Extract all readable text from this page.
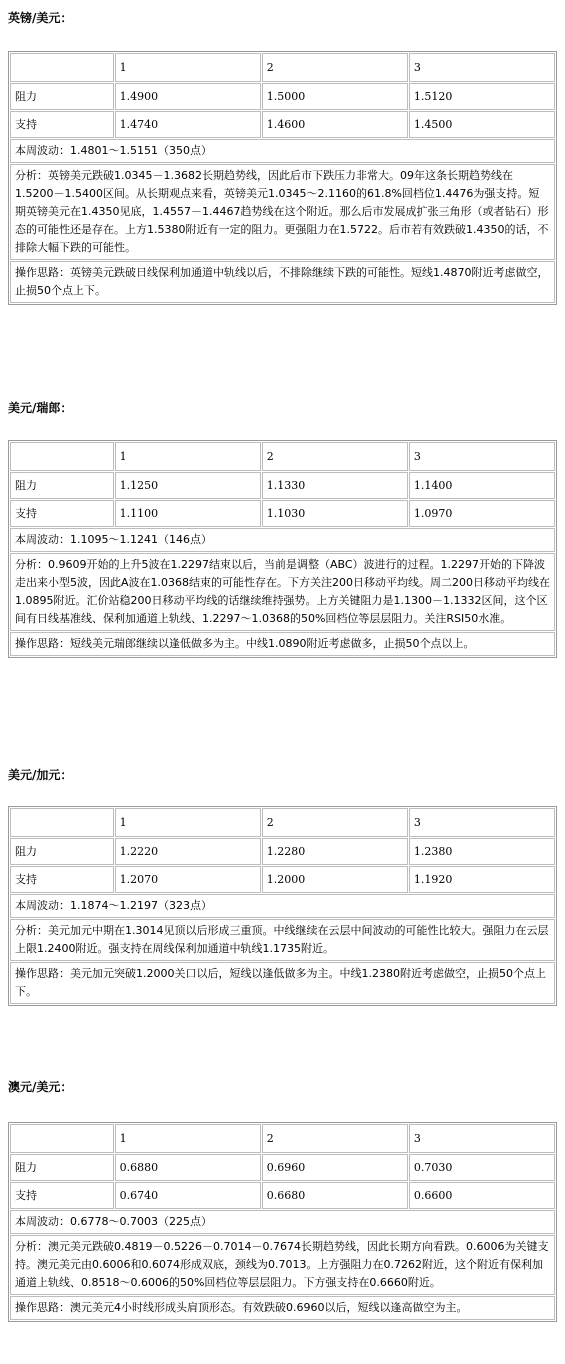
英镑/美元：
	1	2	3
阻力	1.4900	1.5000	1.5120
支持	1.4740	1.4600	1.4500
本周波动：1.4801～1.5151（350点）			
分析：英镑美元跌破1.0345－1.3682长期趋势线，因此后市下跌压力非常大。09年这条长期趋势线在1.5200－1.5400区间。从长期观点来看，英镑美元1.0345～2.1160的61.8%回档位1.4476为强支持。短期英镑美元在1.4350见底，1.4557－1.4467趋势线在这个附近。那么后市发展成扩张三角形（或者钻石）形态的可能性还是存在。上方1.5380附近有一定的阻力。更强阻力在1.5722。后市若有效跌破1.4350的话，不排除大幅下跌的可能性。			
操作思路：英镑美元跌破日线保利加通道中轨线以后，不排除继续下跌的可能性。短线1.4870附近考虑做空，止损50个点上下。			
美元/瑞郎：
	1	2	3
阻力	1.1250	1.1330	1.1400
支持	1.1100	1.1030	1.0970
本周波动：1.1095～1.1241（146点）			
分析：0.9609开始的上升5波在1.2297结束以后，当前是调整（ABC）波进行的过程。1.2297开始的下降波走出来小型5波，因此A波在1.0368结束的可能性存在。下方关注200日移动平均线。周二200日移动平均线在1.0895附近。汇价站稳200日移动平均线的话继续维持强势。上方关键阻力是1.1300－1.1332区间，这个区间有日线基准线、保利加通道上轨线、1.2297～1.0368的50%回档位等层层阻力。关注RSI50水准。			
操作思路：短线美元瑞郎继续以逢低做多为主。中线1.0890附近考虑做多，止损50个点以上。			
美元/加元：
	1	2	3
阻力	1.2220	1.2280	1.2380
支持	1.2070	1.2000	1.1920
本周波动：1.1874～1.2197（323点）			
分析：美元加元中期在1.3014见顶以后形成三重顶。中线继续在云层中间波动的可能性比较大。强阻力在云层上限1.2400附近。强支持在周线保利加通道中轨线1.1735附近。			
操作思路：美元加元突破1.2000关口以后，短线以逢低做多为主。中线1.2380附近考虑做空，止损50个点上下。			
澳元/美元：
	1	2	3
阻力	0.6880	0.6960	0.7030
支持	0.6740	0.6680	0.6600
本周波动：0.6778～0.7003（225点）			
分析：澳元美元跌破0.4819－0.5226－0.7014－0.7674长期趋势线，因此长期方向看跌。0.6006为关键支持。澳元美元由0.6006和0.6074形成双底，颈线为0.7013。上方强阻力在0.7262附近，这个附近有保利加通道上轨线、0.8518～0.6006的50%回档位等层层阻力。下方强支持在0.6660附近。			
操作思路：澳元美元4小时线形成头肩顶形态。有效跌破0.6960以后，短线以逢高做空为主。			
